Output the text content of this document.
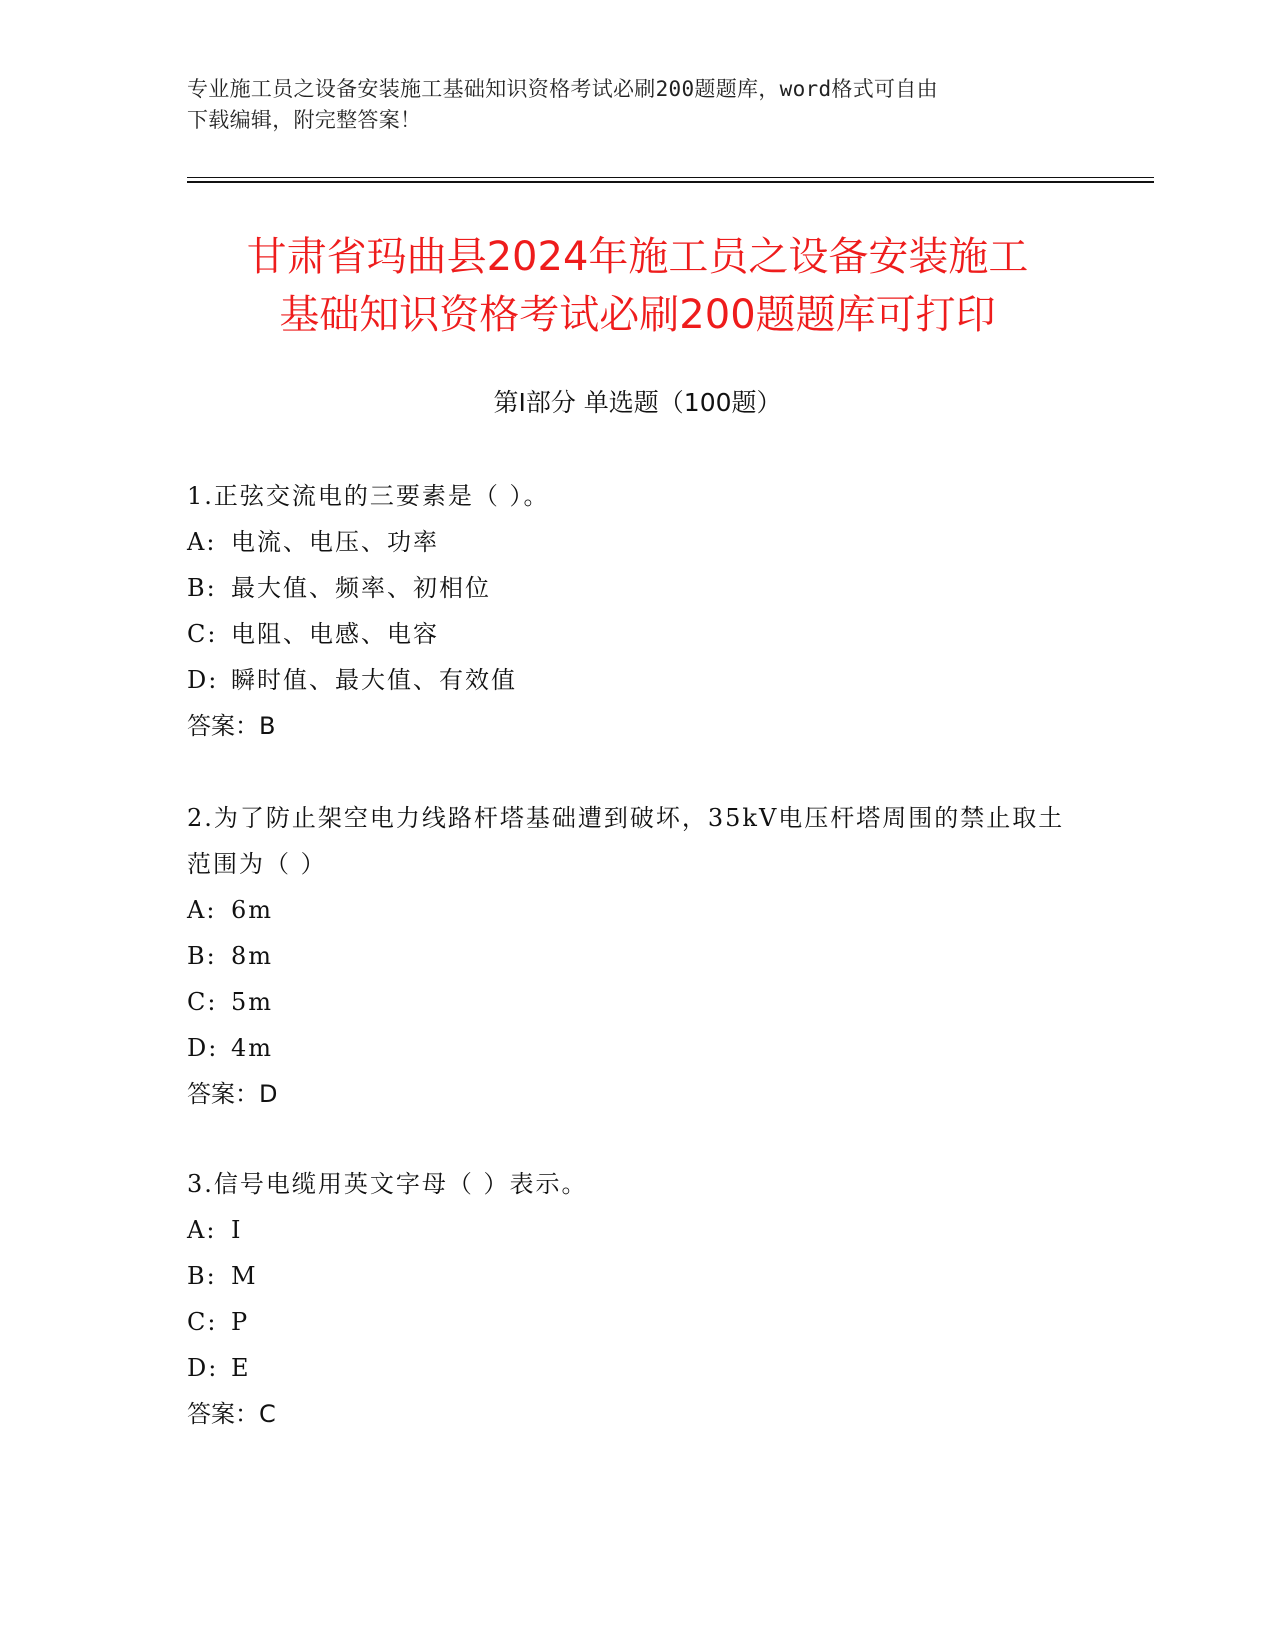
专业施工员之设备安装施工基础知识资格考试必刷200题题库，word格式可自由
下载编辑，附完整答案！
甘肃省玛曲县2024年施工员之设备安装施工
基础知识资格考试必刷200题题库可打印
第Ⅰ部分 单选题（100题）
1.正弦交流电的三要素是（ ）。
A: 电流、电压、功率
B: 最大值、频率、初相位
C: 电阻、电感、电容
D: 瞬时值、最大值、有效值
答案：B
2.为了防止架空电力线路杆塔基础遭到破坏，35kV电压杆塔周围的禁止取土范围为（ ）
A: 6m
B: 8m
C: 5m
D: 4m
答案：D
3.信号电缆用英文字母（ ）表示。
A: I
B: M
C: P
D: E
答案：C
